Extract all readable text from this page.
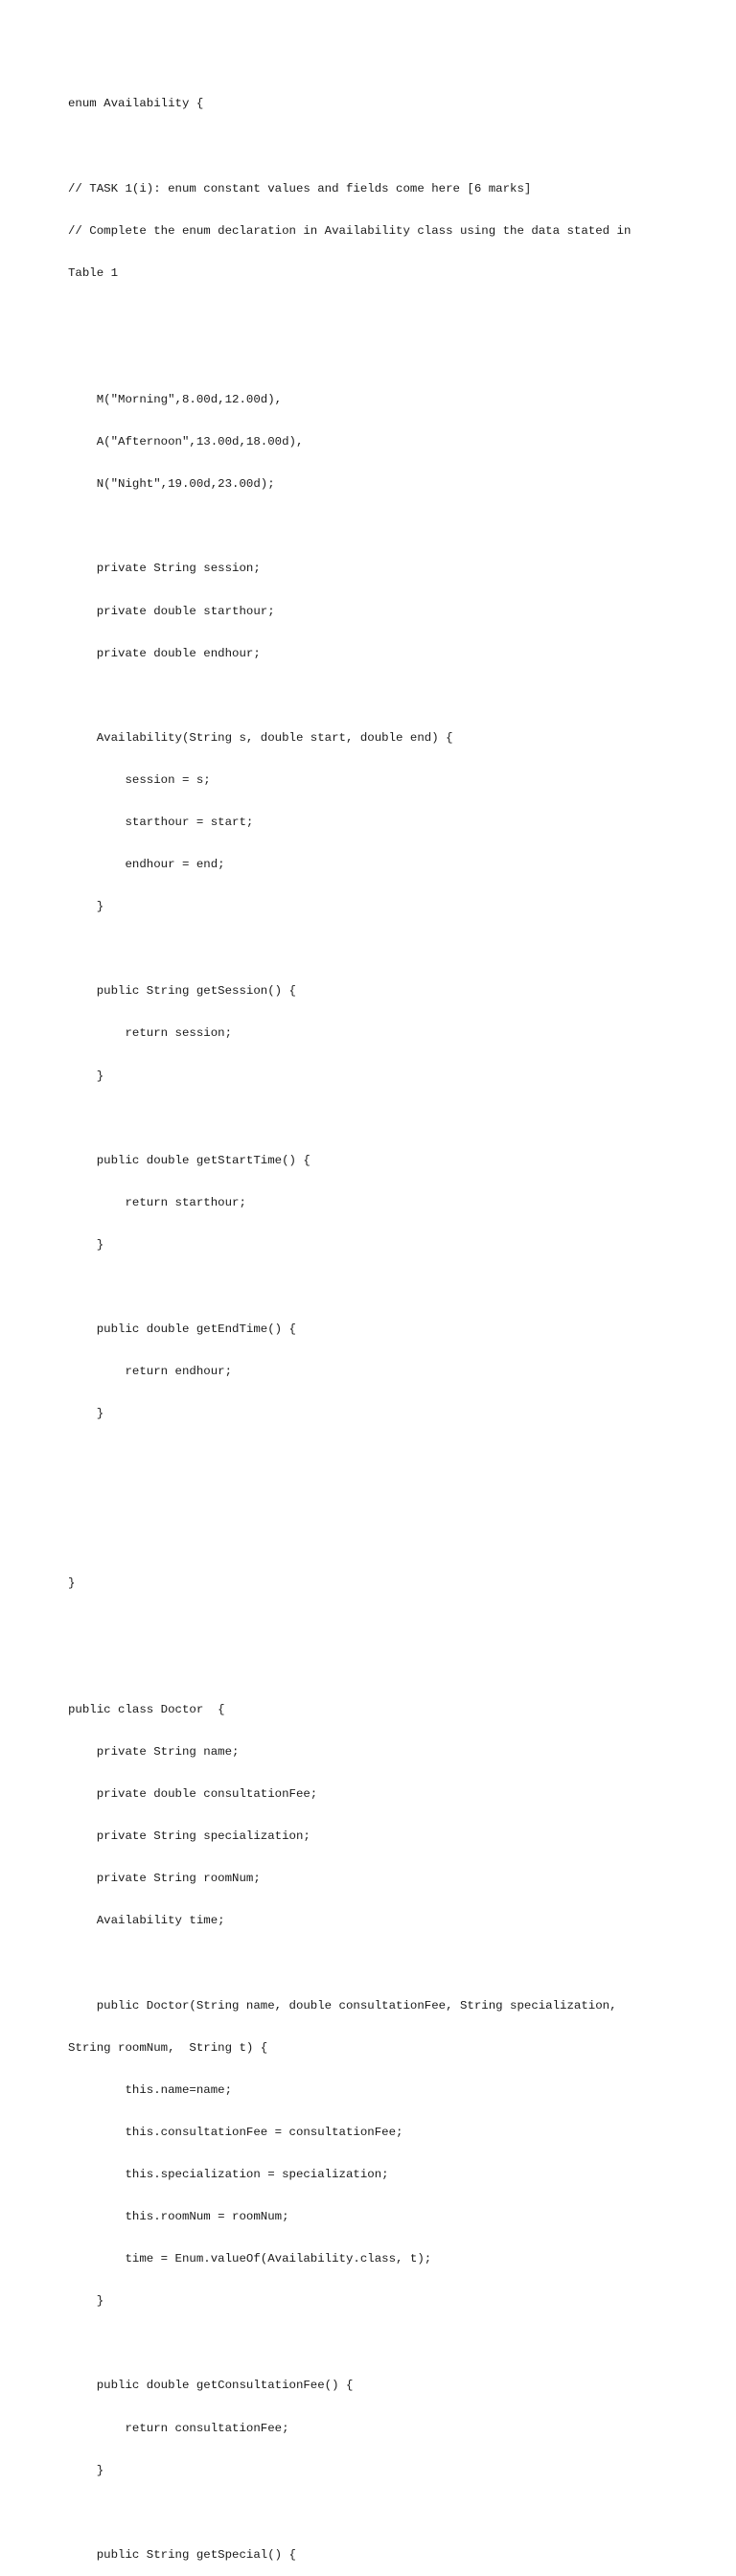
enum Availability {

// TASK 1(i): enum constant values and fields come here [6 marks]

// Complete the enum declaration in Availability class using the data stated in

Table 1

M("Morning",8.00d,12.00d),

A("Afternoon",13.00d,18.00d),

N("Night",19.00d,23.00d);

private String session;

private double starthour;

private double endhour;

Availability(String s, double start, double end) {

session = s;

starthour = start;

endhour = end;

}

public String getSession() {

return session;

}

public double getStartTime() {

return starthour;

}

public double getEndTime() {

return endhour;

}

}

public class Doctor  {

private String name;

private double consultationFee;

private String specialization;

private String roomNum;

Availability time;

public Doctor(String name, double consultationFee, String specialization,

String roomNum,  String t) {

this.name=name;

this.consultationFee = consultationFee;

this.specialization = specialization;

this.roomNum = roomNum;

time = Enum.valueOf(Availability.class, t);

}

public double getConsultationFee() {

return consultationFee;

}

public String getSpecial() {
